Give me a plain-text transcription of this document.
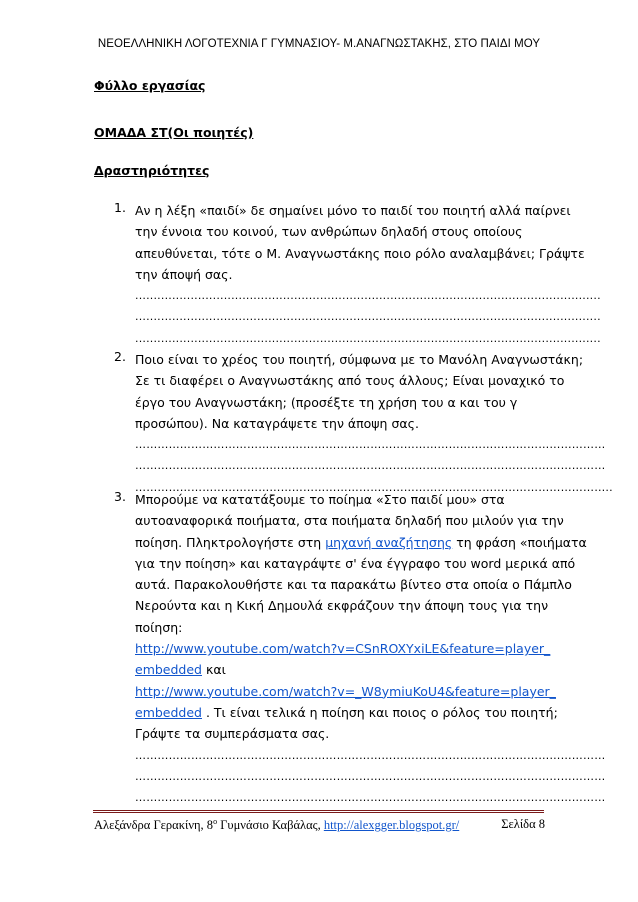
ΝΕΟΕΛΛΗΝΙΚΗ ΛΟΓΟΤΕΧΝΙΑ Γ ΓΥΜΝΑΣΙΟΥ- Μ.ΑΝΑΓΝΩΣΤΑΚΗΣ, ΣΤΟ ΠΑΙΔΙ ΜΟΥ
Φύλλο εργασίας
ΟΜΑΔΑ ΣΤ(Οι ποιητές)
Δραστηριότητες
1. Αν η λέξη «παιδί» δε σημαίνει μόνο το παιδί του ποιητή αλλά παίρνει
την έννοια του κοινού, των ανθρώπων δηλαδή στους οποίους
απευθύνεται, τότε ο Μ. Αναγνωστάκης ποιο ρόλο αναλαμβάνει; Γράψτε
την άποψή σας.
..............................................................................................................................
..............................................................................................................................
..............................................................................................................................
2. Ποιο είναι το χρέος του ποιητή, σύμφωνα με το Μανόλη Αναγνωστάκη;
Σε τι διαφέρει ο Αναγνωστάκης από τους άλλους; Είναι μοναχικό το
έργο του Αναγνωστάκη; (προσέξτε τη χρήση του α και του γ
προσώπου). Να καταγράψετε την άποψη σας.
………………………………………………………………………………………………………………
………………………………………………………………………………………………………………
………………………………………………………………………………………………………………..
3. Μπορούμε να κατατάξουμε το ποίημα «Στο παιδί μου» στα
αυτοαναφορικά ποιήματα, στα ποιήματα δηλαδή που μιλούν για την
ποίηση. Πληκτρολογήστε στη μηχανή αναζήτησης τη φράση «ποιήματα
για την ποίηση» και καταγράψτε σ' ένα έγγραφο του word μερικά από
αυτά. Παρακολουθήστε και τα παρακάτω βίντεο στα οποία ο Πάμπλο
Νερούντα και η Κική Δημουλά εκφράζουν την άποψη τους για την
ποίηση:
http://www.youtube.com/watch?v=CSnROXYxiLE&feature=player_
embedded και
http://www.youtube.com/watch?v=_W8ymiuKoU4&feature=player_
embedded . Τι είναι τελικά η ποίηση και ποιος ο ρόλος του ποιητή;
Γράψτε τα συμπεράσματα σας.
………………………………………………………………………………………………………………
………………………………………………………………………………………………………………
………………………………………………………………………………………………………………
Αλεξάνδρα Γερακίνη, $8^o$ Γυμνάσιο Καβάλας, http://alexgger.blogspot.gr/	Σελίδα 8
